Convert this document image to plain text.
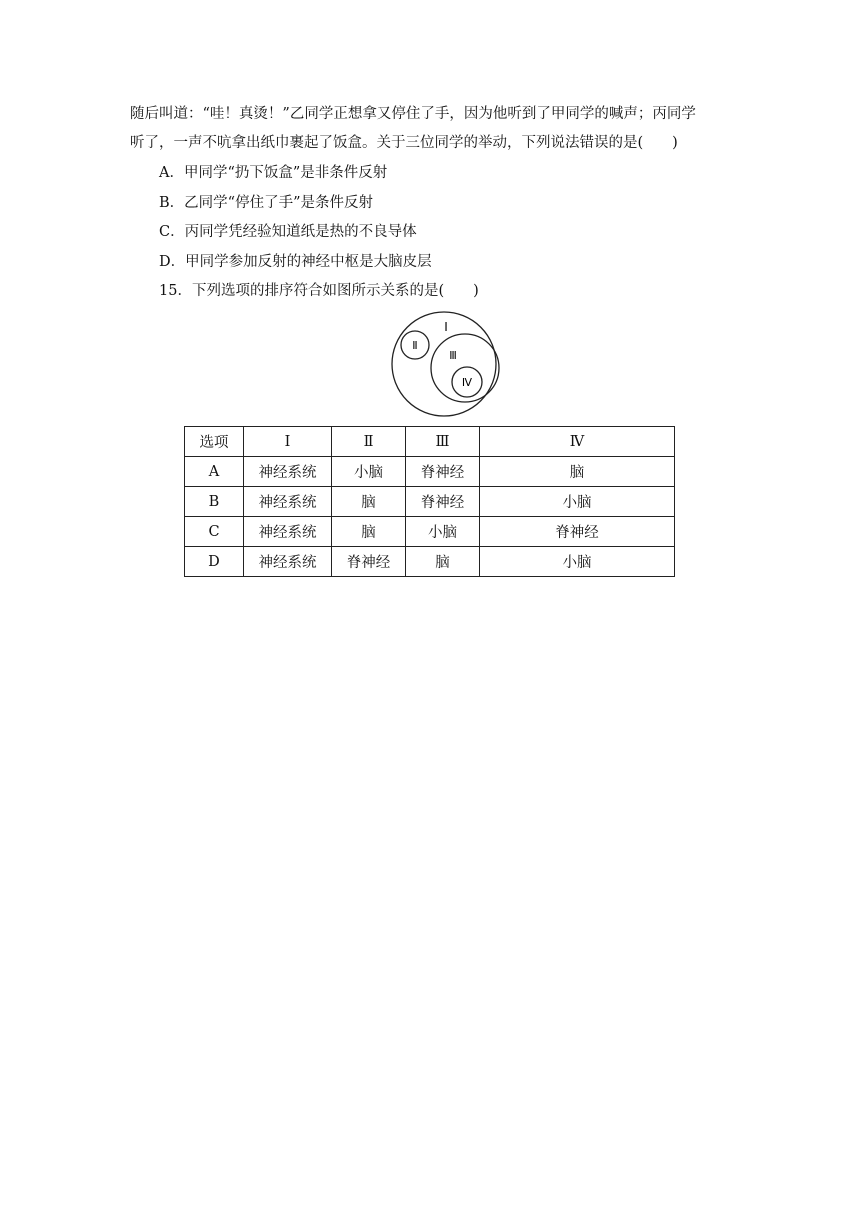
随后叫道：“哇！真烫！”乙同学正想拿又停住了手，因为他听到了甲同学的喊声；丙同学
听了，一声不吭拿出纸巾裹起了饭盒。关于三位同学的举动，下列说法错误的是(　　)
A．甲同学“扔下饭盒”是非条件反射
B．乙同学“停住了手”是条件反射
C．丙同学凭经验知道纸是热的不良导体
D．甲同学参加反射的神经中枢是大脑皮层
15．下列选项的排序符合如图所示关系的是(　　)
Ⅰ
Ⅱ
Ⅲ
Ⅳ
选项	Ⅰ	Ⅱ	Ⅲ	Ⅳ
A	神经系统	小脑	脊神经	脑
B	神经系统	脑	脊神经	小脑
C	神经系统	脑	小脑	脊神经
D	神经系统	脊神经	脑	小脑
